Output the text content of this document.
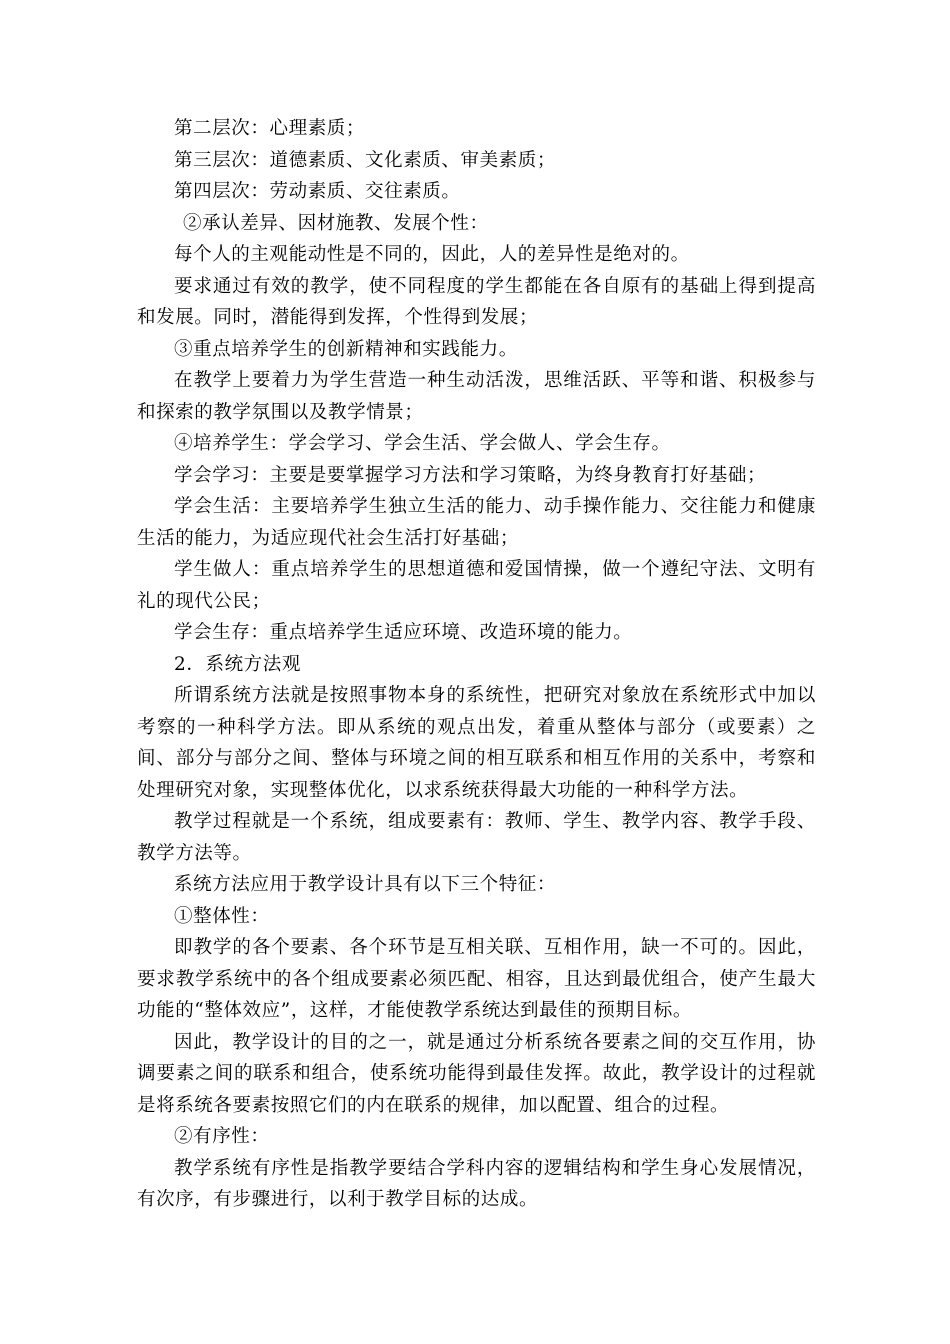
第二层次：心理素质；

第三层次：道德素质、文化素质、审美素质；

第四层次：劳动素质、交往素质。

②承认差异、因材施教、发展个性：

每个人的主观能动性是不同的，因此，人的差异性是绝对的。

要求通过有效的教学，使不同程度的学生都能在各自原有的基础上得到提高和发展。同时，潜能得到发挥，个性得到发展；

③重点培养学生的创新精神和实践能力。

在教学上要着力为学生营造一种生动活泼，思维活跃、平等和谐、积极参与和探索的教学氛围以及教学情景；

④培养学生：学会学习、学会生活、学会做人、学会生存。

学会学习：主要是要掌握学习方法和学习策略，为终身教育打好基础；

学会生活：主要培养学生独立生活的能力、动手操作能力、交往能力和健康生活的能力，为适应现代社会生活打好基础；

学生做人：重点培养学生的思想道德和爱国情操，做一个遵纪守法、文明有礼的现代公民；

学会生存：重点培养学生适应环境、改造环境的能力。

2．系统方法观

所谓系统方法就是按照事物本身的系统性，把研究对象放在系统形式中加以考察的一种科学方法。即从系统的观点出发，着重从整体与部分（或要素）之间、部分与部分之间、整体与环境之间的相互联系和相互作用的关系中，考察和处理研究对象，实现整体优化，以求系统获得最大功能的一种科学方法。

教学过程就是一个系统，组成要素有：教师、学生、教学内容、教学手段、教学方法等。

系统方法应用于教学设计具有以下三个特征：

①整体性：

即教学的各个要素、各个环节是互相关联、互相作用，缺一不可的。因此，要求教学系统中的各个组成要素必须匹配、相容，且达到最优组合，使产生最大功能的“整体效应”，这样，才能使教学系统达到最佳的预期目标。

因此，教学设计的目的之一，就是通过分析系统各要素之间的交互作用，协调要素之间的联系和组合，使系统功能得到最佳发挥。故此，教学设计的过程就是将系统各要素按照它们的内在联系的规律，加以配置、组合的过程。

②有序性：

教学系统有序性是指教学要结合学科内容的逻辑结构和学生身心发展情况，有次序，有步骤进行，以利于教学目标的达成。
